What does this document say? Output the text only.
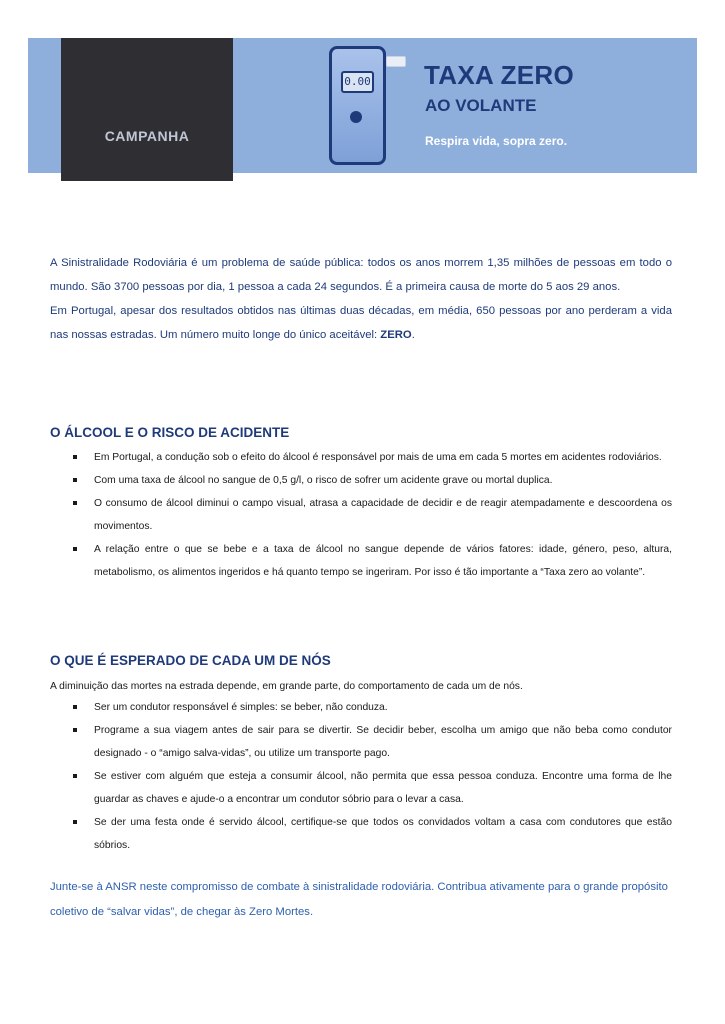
CAMPANHA
0.00 TAXA ZERO
AO VOLANTE
Respira vida, sopra zero.

A Sinistralidade Rodoviária é um problema de saúde pública: todos os anos morrem 1,35 milhões de pessoas em todo o mundo. São 3700 pessoas por dia, 1 pessoa a cada 24 segundos. É a primeira causa de morte do 5 aos 29 anos.

Em Portugal, apesar dos resultados obtidos nas últimas duas décadas, em média, 650 pessoas por ano perderam a vida nas nossas estradas. Um número muito longe do único aceitável: ZERO.

O ÁLCOOL E O RISCO DE ACIDENTE
Em Portugal, a condução sob o efeito do álcool é responsável por mais de uma em cada 5 mortes em acidentes rodoviários.
Com uma taxa de álcool no sangue de 0,5 g/l, o risco de sofrer um acidente grave ou mortal duplica.
O consumo de álcool diminui o campo visual, atrasa a capacidade de decidir e de reagir atempadamente e descoordena os movimentos.
A relação entre o que se bebe e a taxa de álcool no sangue depende de vários fatores: idade, género, peso, altura, metabolismo, os alimentos ingeridos e há quanto tempo se ingeriram. Por isso é tão importante a “Taxa zero ao volante”.
O QUE É ESPERADO DE CADA UM DE NÓS
A diminuição das mortes na estrada depende, em grande parte, do comportamento de cada um de nós.
Ser um condutor responsável é simples: se beber, não conduza.
Programe a sua viagem antes de sair para se divertir. Se decidir beber, escolha um amigo que não beba como condutor designado - o “amigo salva-vidas”, ou utilize um transporte pago.
Se estiver com alguém que esteja a consumir álcool, não permita que essa pessoa conduza. Encontre uma forma de lhe guardar as chaves e ajude-o a encontrar um condutor sóbrio para o levar a casa.
Se der uma festa onde é servido álcool, certifique-se que todos os convidados voltam a casa com condutores que estão sóbrios.
Junte-se à ANSR neste compromisso de combate à sinistralidade rodoviária. Contribua ativamente para o grande propósito coletivo de “salvar vidas”, de chegar às Zero Mortes.
